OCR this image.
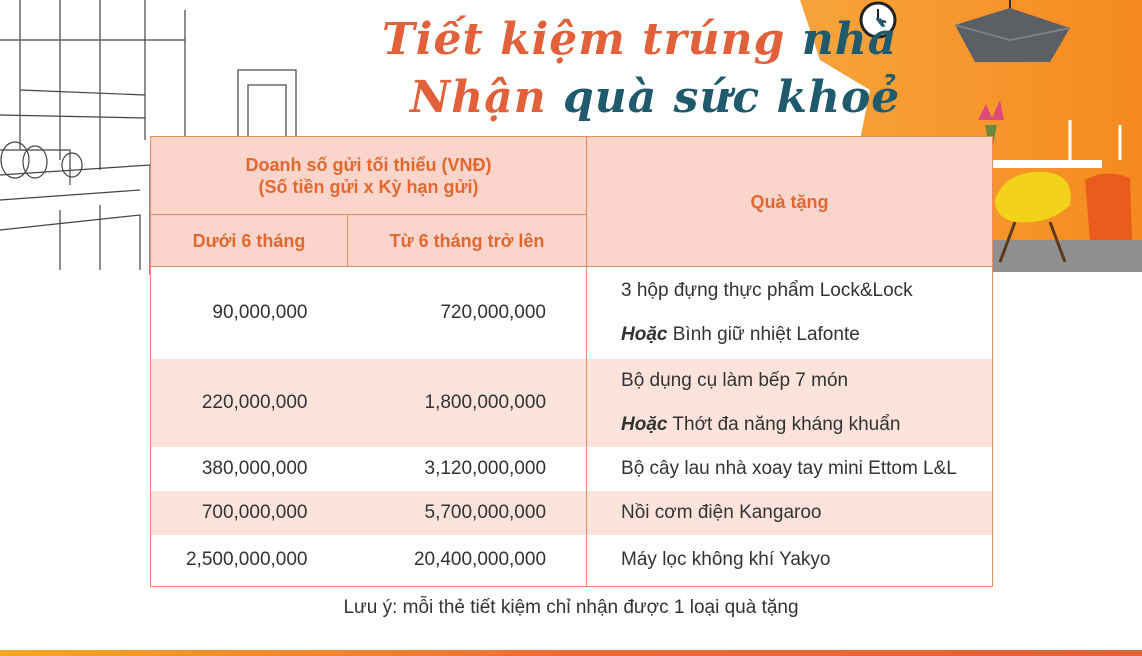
Tiết kiệm trúng nhà
Nhận quà sức khoẻ
Doanh số gửi tối thiểu (VNĐ)
(Số tiền gửi x Kỳ hạn gửi)		Quà tặng
Dưới 6 tháng	Từ 6 tháng trở lên	
90,000,000	720,000,000	3 hộp đựng thực phẩm Lock&Lock
Hoặc Bình giữ nhiệt Lafonte

220,000,000	1,800,000,000	Bộ dụng cụ làm bếp 7 món
Hoặc Thớt đa năng kháng khuẩn

380,000,000	3,120,000,000	Bộ cây lau nhà xoay tay mini Ettom L&L
700,000,000	5,700,000,000	Nồi cơm điện Kangaroo
2,500,000,000	20,400,000,000	Máy lọc không khí Yakyo
Lưu ý: mỗi thẻ tiết kiệm chỉ nhận được 1 loại quà tặng
